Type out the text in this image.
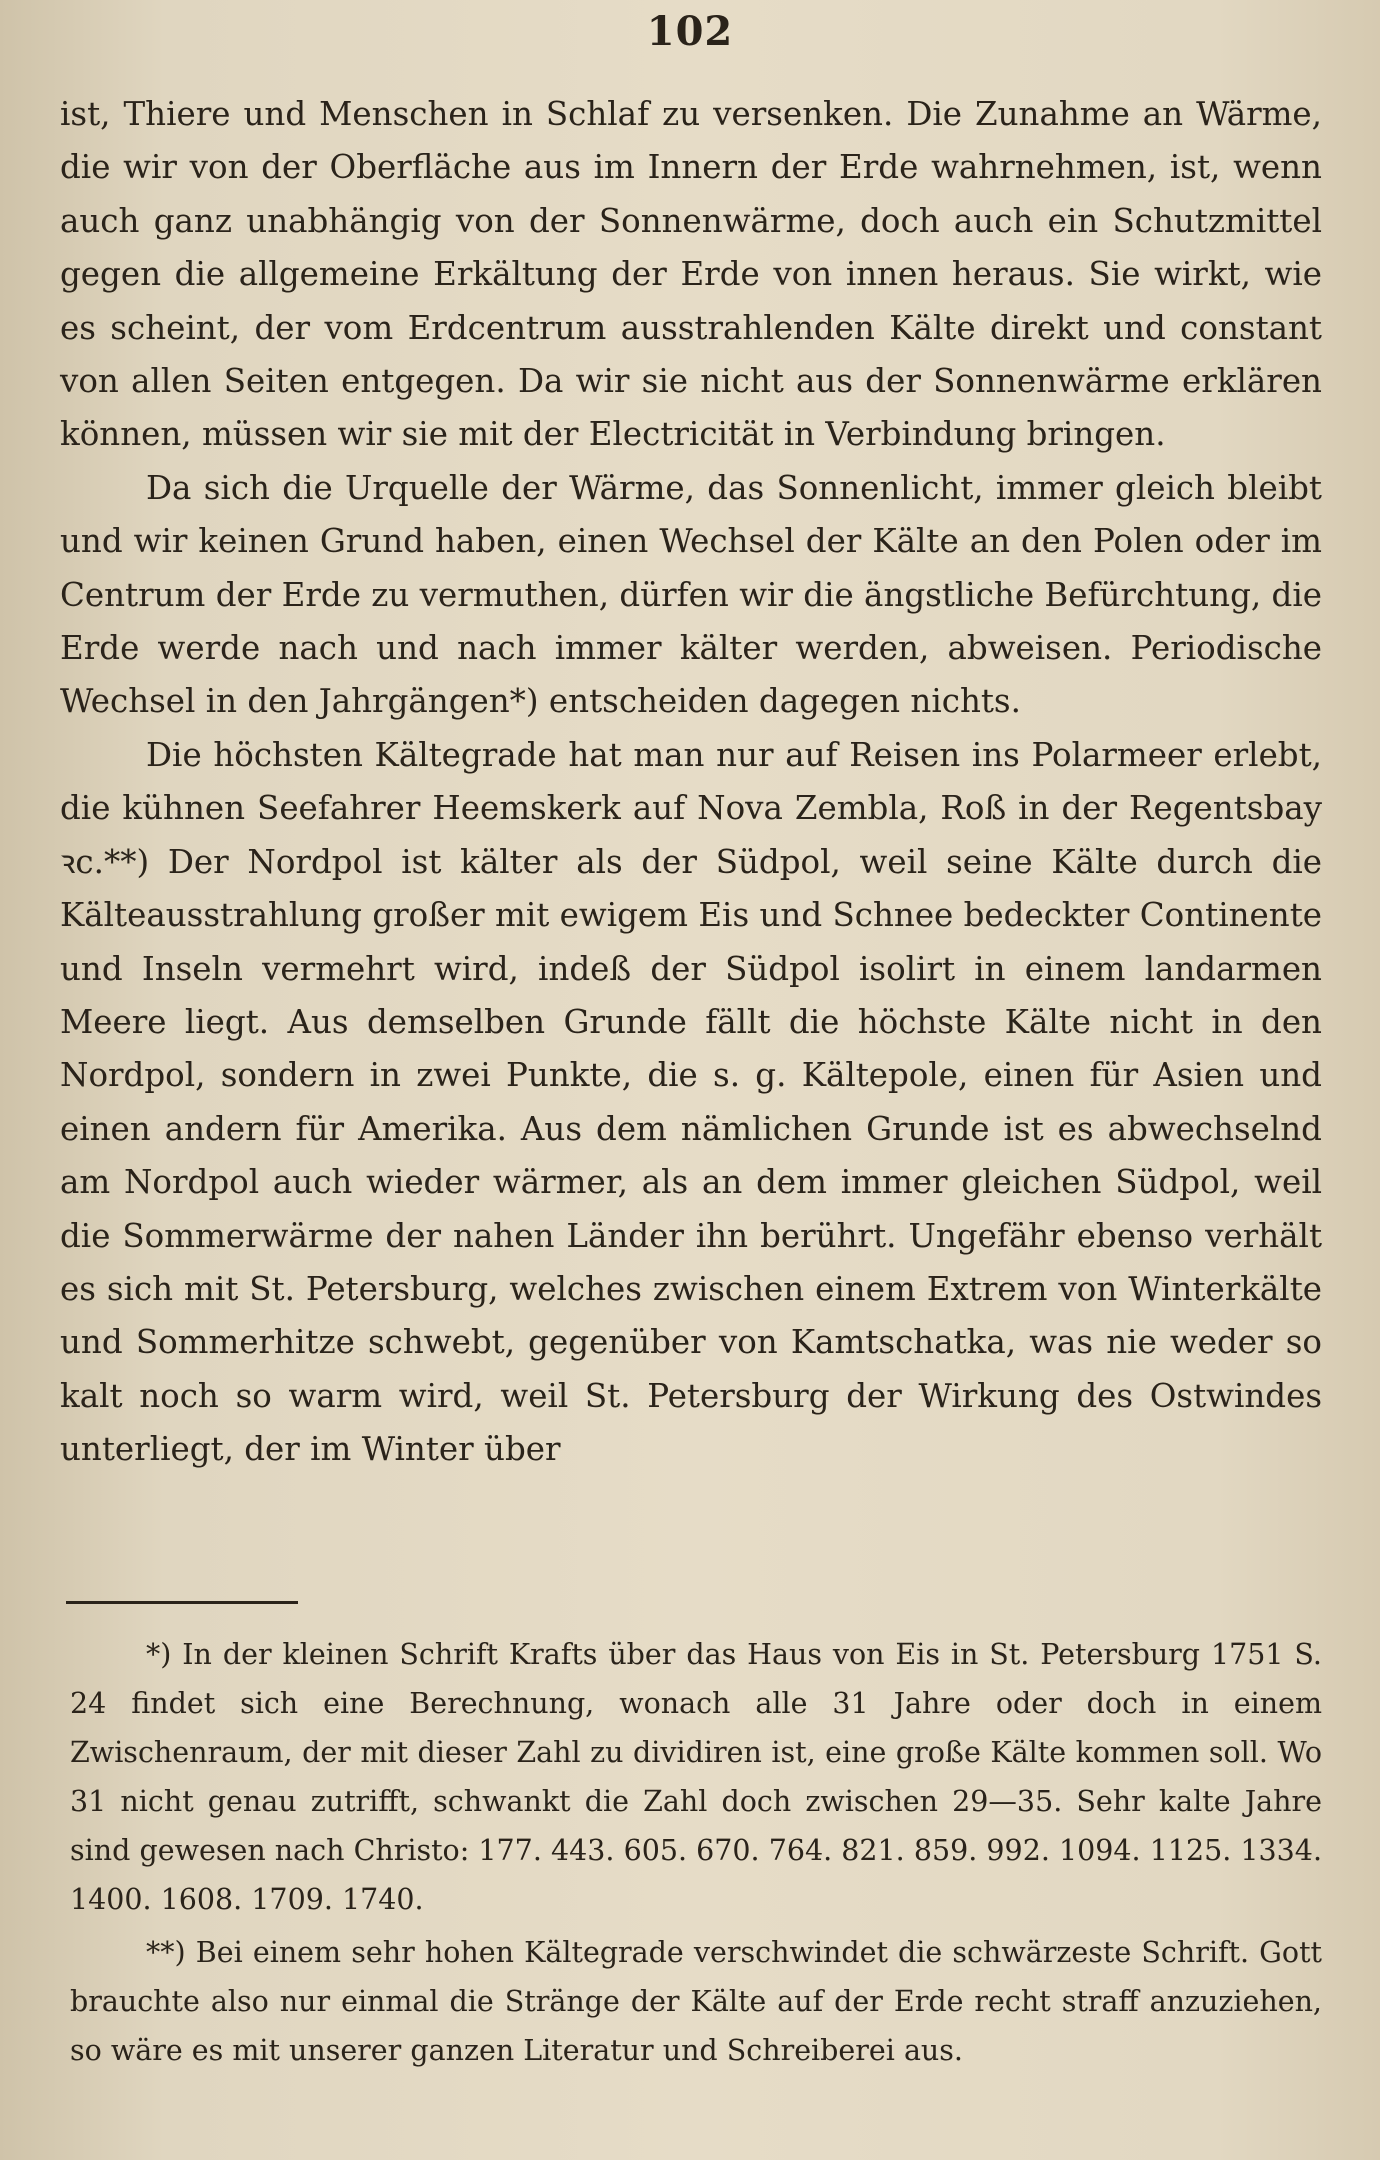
102

ist, Thiere und Menschen in Schlaf zu versenken. Die Zunahme an Wärme, die wir von der Oberfläche aus im Innern der Erde wahrnehmen, ist, wenn auch ganz unabhängig von der Sonnenwärme, doch auch ein Schutzmittel gegen die allgemeine Erkältung der Erde von innen heraus. Sie wirkt, wie es scheint, der vom Erdcentrum ausstrahlenden Kälte direkt und constant von allen Seiten entgegen. Da wir sie nicht aus der Sonnenwärme erklären können, müssen wir sie mit der Electricität in Verbindung bringen.

Da sich die Urquelle der Wärme, das Sonnenlicht, immer gleich bleibt und wir keinen Grund haben, einen Wechsel der Kälte an den Polen oder im Centrum der Erde zu vermuthen, dürfen wir die ängstliche Befürchtung, die Erde werde nach und nach immer kälter werden, abweisen. Periodische Wechsel in den Jahrgängen*) entscheiden dagegen nichts.

Die höchsten Kältegrade hat man nur auf Reisen ins Polarmeer erlebt, die kühnen Seefahrer Heemskerk auf Nova Zembla, Roß in der Regentsbay ꝛc.**) Der Nordpol ist kälter als der Südpol, weil seine Kälte durch die Kälteausstrahlung großer mit ewigem Eis und Schnee bedeckter Continente und Inseln vermehrt wird, indeß der Südpol isolirt in einem landarmen Meere liegt. Aus demselben Grunde fällt die höchste Kälte nicht in den Nordpol, sondern in zwei Punkte, die s. g. Kältepole, einen für Asien und einen andern für Amerika. Aus dem nämlichen Grunde ist es abwechselnd am Nordpol auch wieder wärmer, als an dem immer gleichen Südpol, weil die Sommerwärme der nahen Länder ihn berührt. Ungefähr ebenso verhält es sich mit St. Petersburg, welches zwischen einem Extrem von Winterkälte und Sommerhitze schwebt, gegenüber von Kamtschatka, was nie weder so kalt noch so warm wird, weil St. Petersburg der Wirkung des Ostwindes unterliegt, der im Winter über

*) In der kleinen Schrift Krafts über das Haus von Eis in St. Petersburg 1751 S. 24 findet sich eine Berechnung, wonach alle 31 Jahre oder doch in einem Zwischenraum, der mit dieser Zahl zu dividiren ist, eine große Kälte kommen soll. Wo 31 nicht genau zutrifft, schwankt die Zahl doch zwischen 29—35. Sehr kalte Jahre sind gewesen nach Christo: 177. 443. 605. 670. 764. 821. 859. 992. 1094. 1125. 1334. 1400. 1608. 1709. 1740.

**) Bei einem sehr hohen Kältegrade verschwindet die schwärzeste Schrift. Gott brauchte also nur einmal die Stränge der Kälte auf der Erde recht straff anzuziehen, so wäre es mit unserer ganzen Literatur und Schreiberei aus.
